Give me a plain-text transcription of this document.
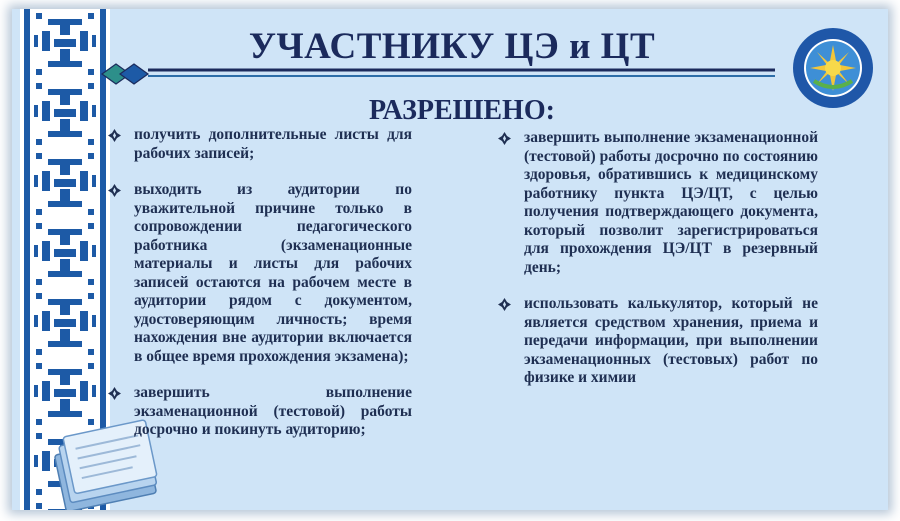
УЧАСТНИКУ ЦЭ и ЦТ
РАЗРЕШЕНО:
получить дополнительные листы для рабочих записей;
выходить из аудитории по уважительной причине только в сопровождении педагогического работника (экзаменационные материалы и листы для рабочих записей остаются на рабочем месте в аудитории рядом с документом, удостоверяющим личность; время нахождения вне аудитории включается в общее время прохождения экзамена);
завершить выполнение экзаменационной (тестовой) работы досрочно и покинуть аудиторию;
завершить выполнение экзаменационной (тестовой) работы досрочно по состоянию здоровья, обратившись к медицинскому работнику пункта ЦЭ/ЦТ, с целью получения подтверждающего документа, который позволит зарегистрироваться для прохождения ЦЭ/ЦТ в резервный день;
использовать калькулятор, который не является средством хранения, приема и передачи информации, при выполнении экзаменационных (тестовых) работ по физике и химии
